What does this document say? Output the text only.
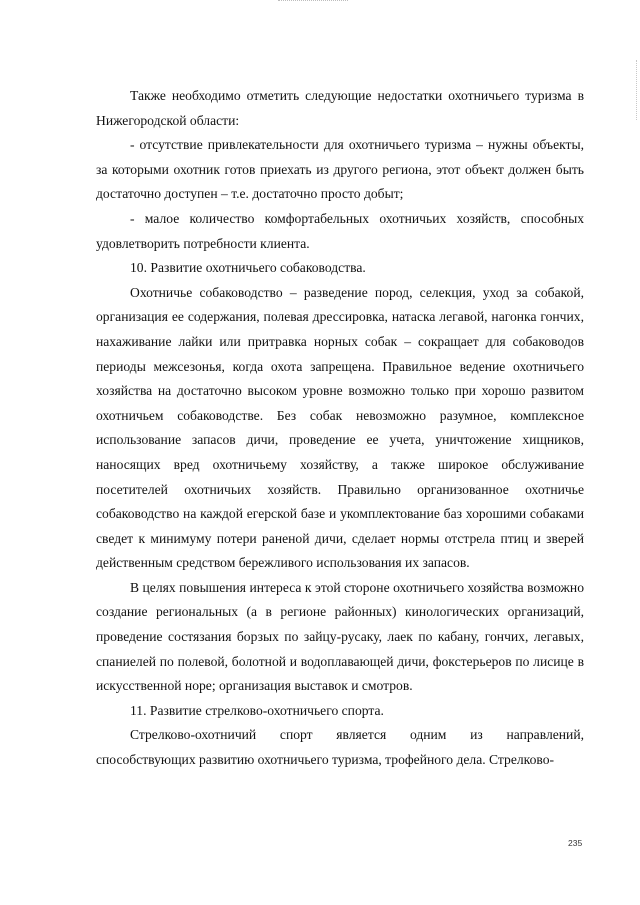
Также необходимо отметить следующие недостатки охотничьего туризма в Нижегородской области:

- отсутствие привлекательности для охотничьего туризма – нужны объекты, за которыми охотник готов приехать из другого региона, этот объект должен быть достаточно доступен – т.е. достаточно просто добыт;

- малое количество комфортабельных охотничьих хозяйств, способных удовлетворить потребности клиента.

10. Развитие охотничьего собаководства.

Охотничье собаководство – разведение пород, селекция, уход за собакой, организация ее содержания, полевая дрессировка, натаска легавой, нагонка гончих, нахаживание лайки или притравка норных собак – сокращает для собаководов периоды межсезонья, когда охота запрещена. Правильное ведение охотничьего хозяйства на достаточно высоком уровне возможно только при хорошо развитом охотничьем собаководстве. Без собак невозможно разумное, комплексное использование запасов дичи, проведение ее учета, уничтожение хищников, наносящих вред охотничьему хозяйству, а также широкое обслуживание посетителей охотничьих хозяйств. Правильно организованное охотничье собаководство на каждой егерской базе и укомплектование баз хорошими собаками сведет к минимуму потери раненой дичи, сделает нормы отстрела птиц и зверей действенным средством бережливого использования их запасов.

В целях повышения интереса к этой стороне охотничьего хозяйства возможно создание региональных (а в регионе районных) кинологических организаций, проведение состязания борзых по зайцу-русаку, лаек по кабану, гончих, легавых, спаниелей по полевой, болотной и водоплавающей дичи, фокстерьеров по лисице в искусственной норе; организация выставок и смотров.

11. Развитие стрелково-охотничьего спорта.

Стрелково-охотничий спорт является одним из направлений, способствующих развитию охотничьего туризма, трофейного дела. Стрелково-

235
